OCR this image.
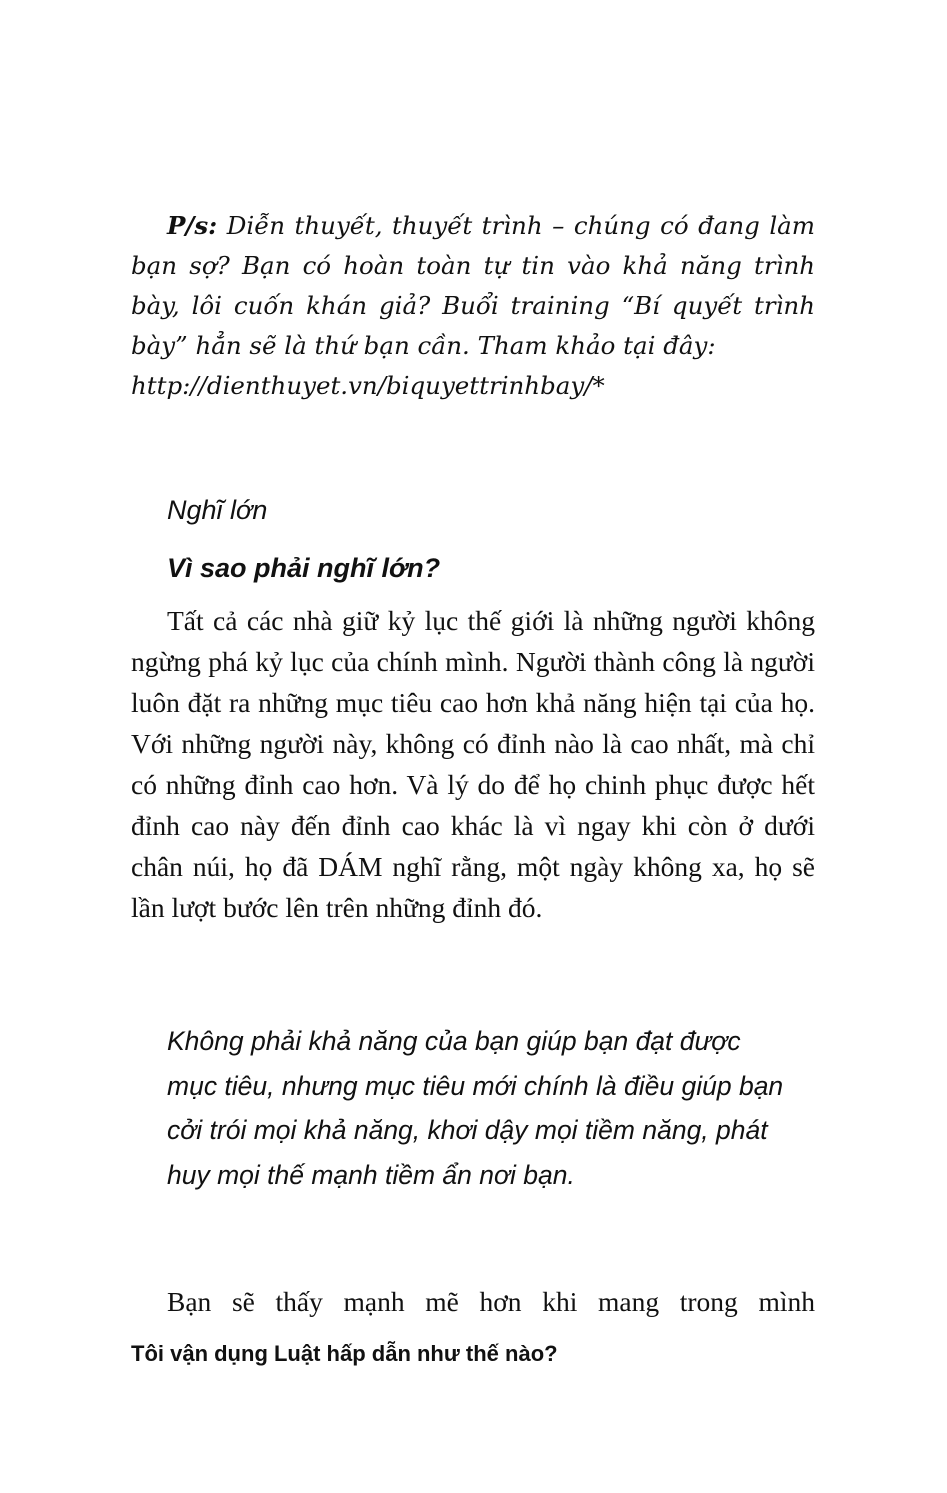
P/s: Diễn thuyết, thuyết trình – chúng có đang làm bạn sợ? Bạn có hoàn toàn tự tin vào khả năng trình bày, lôi cuốn khán giả? Buổi training “Bí quyết trình bày” hẳn sẽ là thứ bạn cần. Tham khảo tại đây:
http://dienthuyet.vn/biquyettrinhbay/*
Nghĩ lớn
Vì sao phải nghĩ lớn?
Tất cả các nhà giữ kỷ lục thế giới là những người không ngừng phá kỷ lục của chính mình. Người thành công là người luôn đặt ra những mục tiêu cao hơn khả năng hiện tại của họ. Với những người này, không có đỉnh nào là cao nhất, mà chỉ có những đỉnh cao hơn. Và lý do để họ chinh phục được hết đỉnh cao này đến đỉnh cao khác là vì ngay khi còn ở dưới chân núi, họ đã DÁM nghĩ rằng, một ngày không xa, họ sẽ lần lượt bước lên trên những đỉnh đó.
Không phải khả năng của bạn giúp bạn đạt được mục tiêu, nhưng mục tiêu mới chính là điều giúp bạn cởi trói mọi khả năng, khơi dậy mọi tiềm năng, phát huy mọi thế mạnh tiềm ẩn nơi bạn.
Bạn sẽ thấy mạnh mẽ hơn khi mang trong mình
Tôi vận dụng Luật hấp dẫn như thế nào?
